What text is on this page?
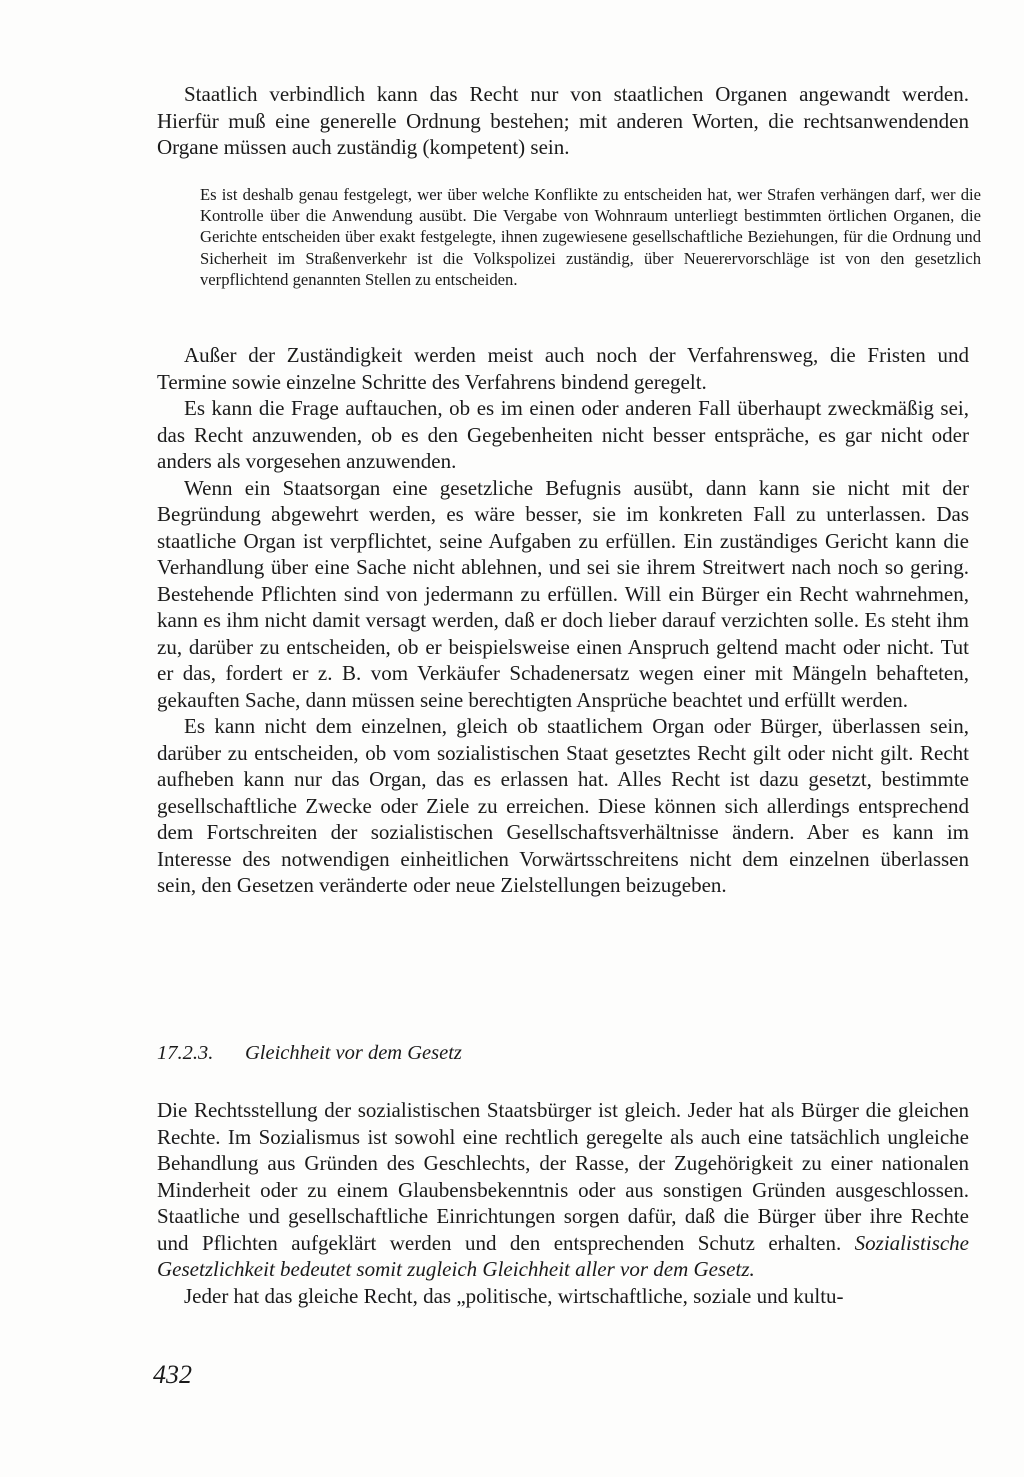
Staatlich verbindlich kann das Recht nur von staatlichen Organen angewandt werden. Hierfür muß eine generelle Ordnung bestehen; mit anderen Worten, die rechtsanwendenden Organe müssen auch zuständig (kompetent) sein.

Es ist deshalb genau festgelegt, wer über welche Konflikte zu entscheiden hat, wer Strafen verhängen darf, wer die Kontrolle über die Anwendung ausübt. Die Vergabe von Wohnraum unterliegt bestimmten örtlichen Organen, die Gerichte entscheiden über exakt festgelegte, ihnen zugewiesene gesellschaftliche Beziehungen, für die Ordnung und Sicherheit im Straßenverkehr ist die Volkspolizei zuständig, über Neuerervorschläge ist von den gesetzlich verpflichtend genannten Stellen zu entscheiden.

Außer der Zuständigkeit werden meist auch noch der Verfahrensweg, die Fristen und Termine sowie einzelne Schritte des Verfahrens bindend geregelt.

Es kann die Frage auftauchen, ob es im einen oder anderen Fall überhaupt zweckmäßig sei, das Recht anzuwenden, ob es den Gegebenheiten nicht besser entspräche, es gar nicht oder anders als vorgesehen anzuwenden.

Wenn ein Staatsorgan eine gesetzliche Befugnis ausübt, dann kann sie nicht mit der Begründung abgewehrt werden, es wäre besser, sie im konkreten Fall zu unterlassen. Das staatliche Organ ist verpflichtet, seine Aufgaben zu erfüllen. Ein zuständiges Gericht kann die Verhandlung über eine Sache nicht ablehnen, und sei sie ihrem Streitwert nach noch so gering. Bestehende Pflichten sind von jedermann zu erfüllen. Will ein Bürger ein Recht wahrnehmen, kann es ihm nicht damit versagt werden, daß er doch lieber darauf verzichten solle. Es steht ihm zu, darüber zu entscheiden, ob er beispielsweise einen Anspruch geltend macht oder nicht. Tut er das, fordert er z. B. vom Verkäufer Schadenersatz wegen einer mit Mängeln behafteten, gekauften Sache, dann müssen seine berechtigten Ansprüche beachtet und erfüllt werden.

Es kann nicht dem einzelnen, gleich ob staatlichem Organ oder Bürger, überlassen sein, darüber zu entscheiden, ob vom sozialistischen Staat gesetztes Recht gilt oder nicht gilt. Recht aufheben kann nur das Organ, das es erlassen hat. Alles Recht ist dazu gesetzt, bestimmte gesellschaftliche Zwecke oder Ziele zu erreichen. Diese können sich allerdings entsprechend dem Fortschreiten der sozialistischen Gesellschaftsverhältnisse ändern. Aber es kann im Interesse des notwendigen einheitlichen Vorwärtsschreitens nicht dem einzelnen überlassen sein, den Gesetzen veränderte oder neue Zielstellungen beizugeben.

17.2.3. Gleichheit vor dem Gesetz

Die Rechtsstellung der sozialistischen Staatsbürger ist gleich. Jeder hat als Bürger die gleichen Rechte. Im Sozialismus ist sowohl eine rechtlich geregelte als auch eine tatsächlich ungleiche Behandlung aus Gründen des Geschlechts, der Rasse, der Zugehörigkeit zu einer nationalen Minderheit oder zu einem Glaubensbekenntnis oder aus sonstigen Gründen ausgeschlossen. Staatliche und gesellschaftliche Einrichtungen sorgen dafür, daß die Bürger über ihre Rechte und Pflichten aufgeklärt werden und den entsprechenden Schutz erhalten. Sozialistische Gesetzlichkeit bedeutet somit zugleich Gleichheit aller vor dem Gesetz.

Jeder hat das gleiche Recht, das „politische, wirtschaftliche, soziale und kultu-

432
